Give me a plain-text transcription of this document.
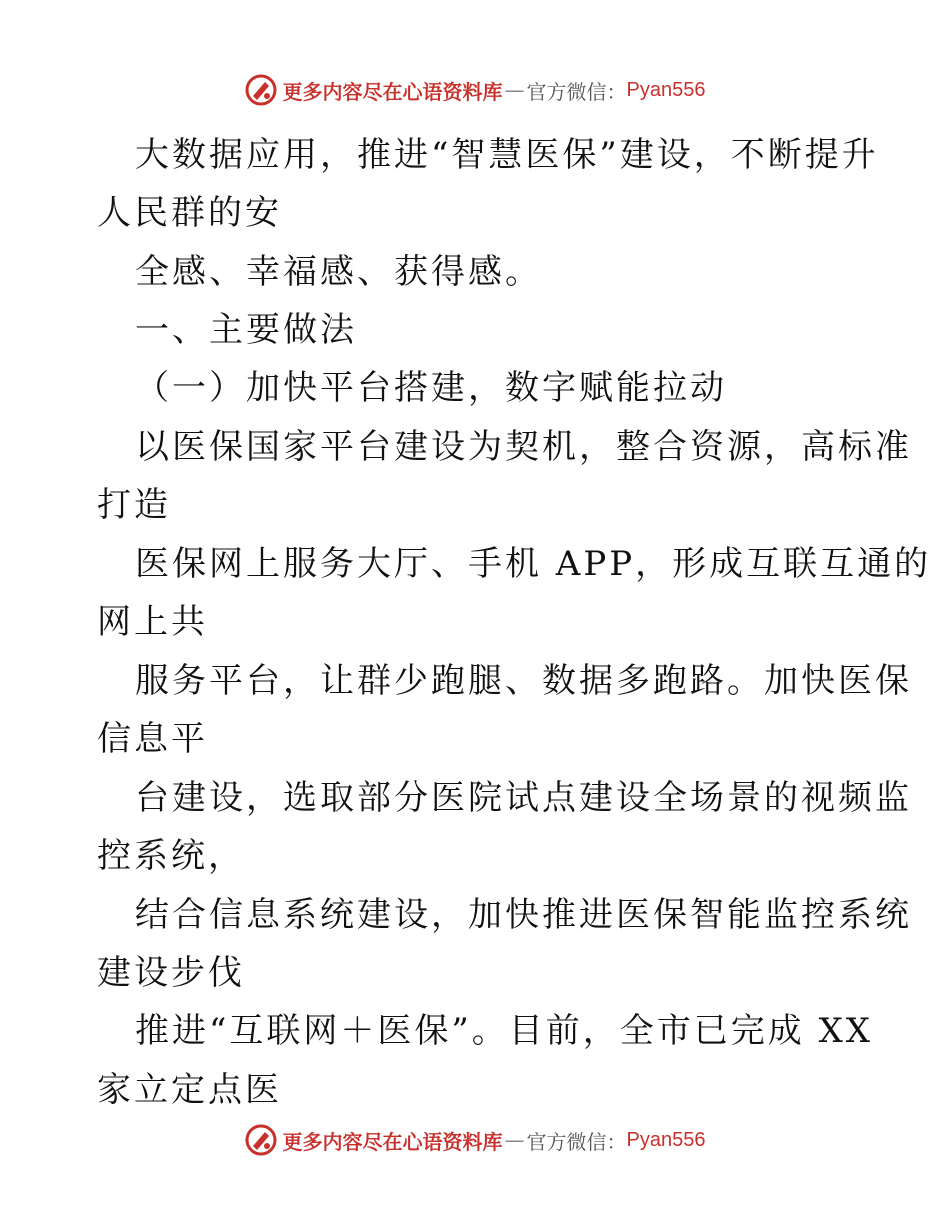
更多内容尽在心语资料库 — 官方微信： Pyan556
大数据应用，推进“智慧医保”建设，不断提升
人民群的安
全感、幸福感、获得感。
一、主要做法
（一）加快平台搭建，数字赋能拉动
以医保国家平台建设为契机，整合资源，高标准
打造
医保网上服务大厅、手机 APP，形成互联互通的
网上共
服务平台，让群少跑腿、数据多跑路。加快医保
信息平
台建设，选取部分医院试点建设全场景的视频监
控系统，
结合信息系统建设，加快推进医保智能监控系统
建设步伐
推进“互联网＋医保”。目前，全市已完成 XX
家立定点医
更多内容尽在心语资料库 — 官方微信： Pyan556
